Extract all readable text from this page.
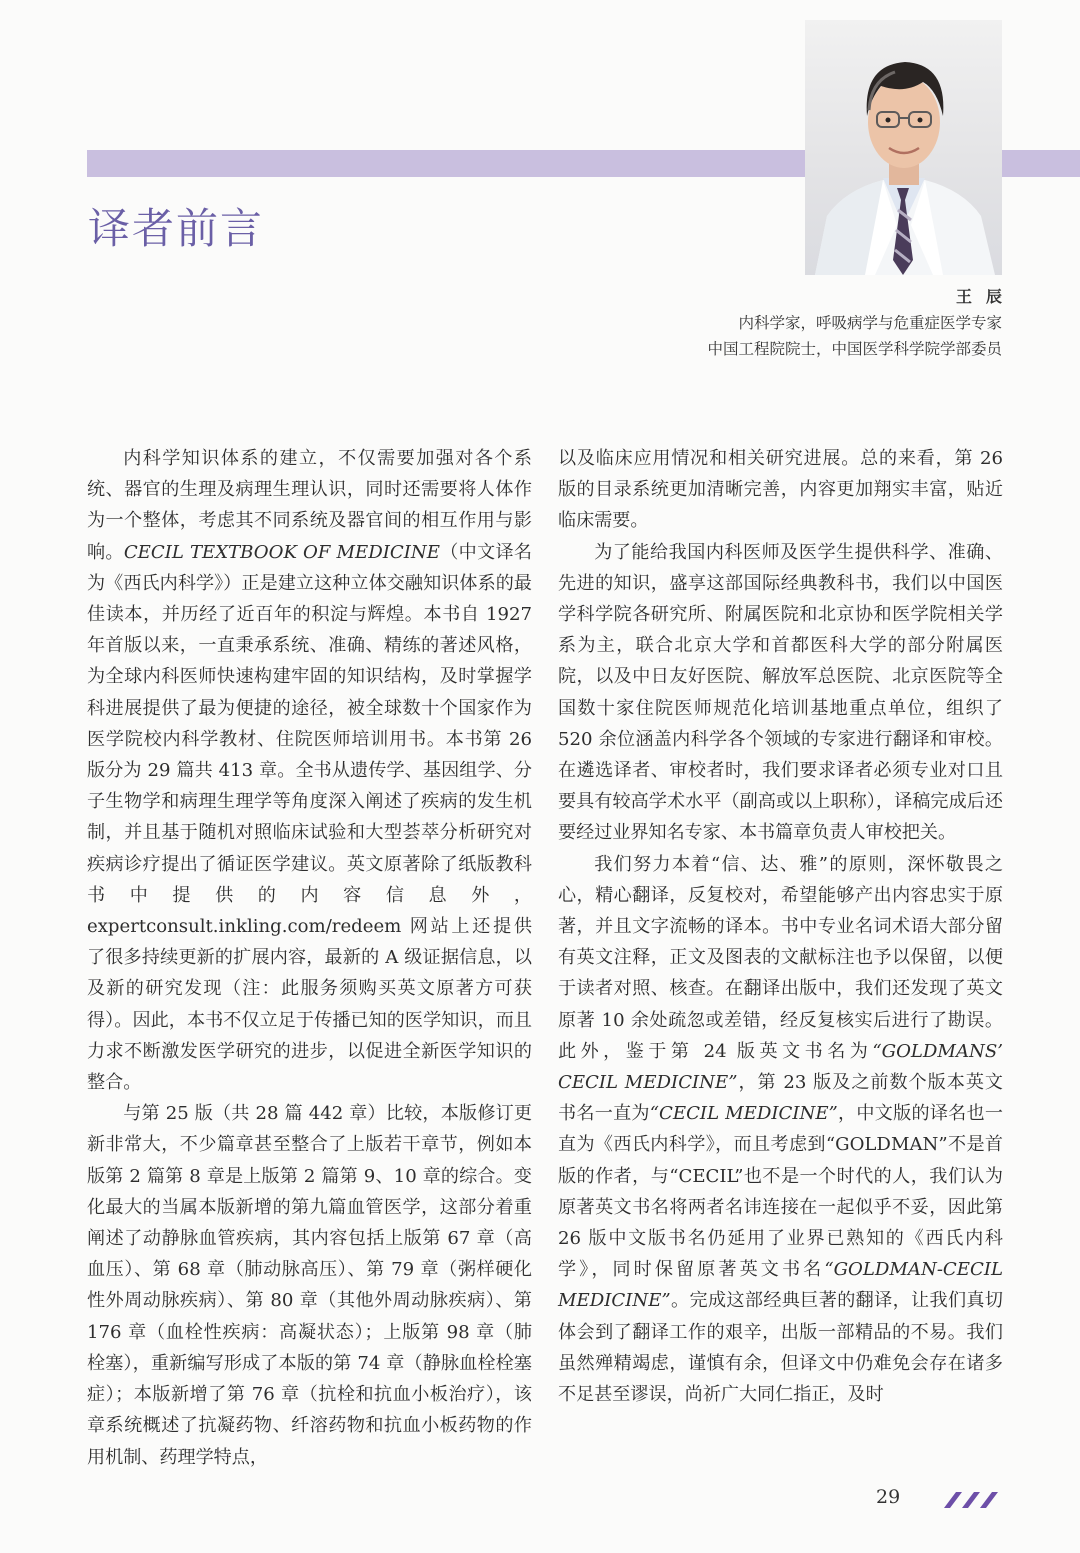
译者前言
王辰
内科学家，呼吸病学与危重症医学专家
中国工程院院士，中国医学科学院学部委员

内科学知识体系的建立，不仅需要加强对各个系统、器官的生理及病理生理认识，同时还需要将人体作为一个整体，考虑其不同系统及器官间的相互作用与影响。CECIL TEXTBOOK OF MEDICINE（中文译名为《西氏内科学》）正是建立这种立体交融知识体系的最佳读本，并历经了近百年的积淀与辉煌。本书自 1927 年首版以来，一直秉承系统、准确、精练的著述风格，为全球内科医师快速构建牢固的知识结构，及时掌握学科进展提供了最为便捷的途径，被全球数十个国家作为医学院校内科学教材、住院医师培训用书。本书第 26 版分为 29 篇共 413 章。全书从遗传学、基因组学、分子生物学和病理生理学等角度深入阐述了疾病的发生机制，并且基于随机对照临床试验和大型荟萃分析研究对疾病诊疗提出了循证医学建议。英文原著除了纸版教科书中提供的内容信息外，expertconsult.inkling.com/redeem 网站上还提供了很多持续更新的扩展内容，最新的 A 级证据信息，以及新的研究发现（注：此服务须购买英文原著方可获得）。因此，本书不仅立足于传播已知的医学知识，而且力求不断激发医学研究的进步，以促进全新医学知识的整合。

与第 25 版（共 28 篇 442 章）比较，本版修订更新非常大，不少篇章甚至整合了上版若干章节，例如本版第 2 篇第 8 章是上版第 2 篇第 9、10 章的综合。变化最大的当属本版新增的第九篇血管医学，这部分着重阐述了动静脉血管疾病，其内容包括上版第 67 章（高血压）、第 68 章（肺动脉高压）、第 79 章（粥样硬化性外周动脉疾病）、第 80 章（其他外周动脉疾病）、第 176 章（血栓性疾病：高凝状态）；上版第 98 章（肺栓塞），重新编写形成了本版的第 74 章（静脉血栓栓塞症）；本版新增了第 76 章（抗栓和抗血小板治疗），该章系统概述了抗凝药物、纤溶药物和抗血小板药物的作用机制、药理学特点，

以及临床应用情况和相关研究进展。总的来看，第 26 版的目录系统更加清晰完善，内容更加翔实丰富，贴近临床需要。

为了能给我国内科医师及医学生提供科学、准确、先进的知识，盛享这部国际经典教科书，我们以中国医学科学院各研究所、附属医院和北京协和医学院相关学系为主，联合北京大学和首都医科大学的部分附属医院，以及中日友好医院、解放军总医院、北京医院等全国数十家住院医师规范化培训基地重点单位，组织了 520 余位涵盖内科学各个领域的专家进行翻译和审校。在遴选译者、审校者时，我们要求译者必须专业对口且要具有较高学术水平（副高或以上职称），译稿完成后还要经过业界知名专家、本书篇章负责人审校把关。

我们努力本着“信、达、雅”的原则，深怀敬畏之心，精心翻译，反复校对，希望能够产出内容忠实于原著，并且文字流畅的译本。书中专业名词术语大部分留有英文注释，正文及图表的文献标注也予以保留，以便于读者对照、核查。在翻译出版中，我们还发现了英文原著 10 余处疏忽或差错，经反复核实后进行了勘误。此外，鉴于第 24 版英文书名为“GOLDMANS’ CECIL MEDICINE”，第 23 版及之前数个版本英文书名一直为“CECIL MEDICINE”，中文版的译名也一直为《西氏内科学》，而且考虑到“GOLDMAN”不是首版的作者，与“CECIL”也不是一个时代的人，我们认为原著英文书名将两者名讳连接在一起似乎不妥，因此第 26 版中文版书名仍延用了业界已熟知的《西氏内科学》，同时保留原著英文书名“GOLDMAN-CECIL MEDICINE”。完成这部经典巨著的翻译，让我们真切体会到了翻译工作的艰辛，出版一部精品的不易。我们虽然殚精竭虑，谨慎有余，但译文中仍难免会存在诸多不足甚至谬误，尚祈广大同仁指正，及时

29
